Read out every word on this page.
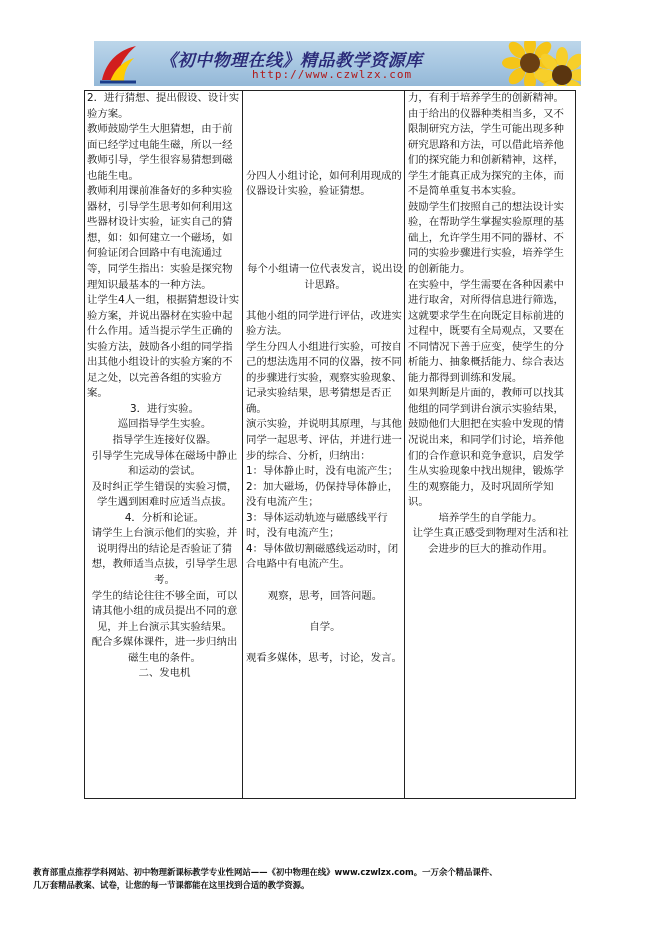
《初中物理在线》精品教学资源库
http://www.czwlzx.com

2．进行猜想、提出假设、设计实验方案。

教师鼓励学生大胆猜想，由于前面已经学过电能生磁，所以一经教师引导，学生很容易猜想到磁也能生电。

教师利用课前准备好的多种实验器材，引导学生思考如何利用这些器材设计实验，证实自己的猜想，如：如何建立一个磁场，如何验证闭合回路中有电流通过等，同学生指出：实验是探究物理知识最基本的一种方法。

让学生4人一组，根据猜想设计实验方案，并说出器材在实验中起什么作用。适当提示学生正确的实验方法，鼓励各小组的同学指出其他小组设计的实验方案的不足之处，以完善各组的实验方案。

3．进行实验。

巡回指导学生实验。

指导学生连接好仪器。

引导学生完成导体在磁场中静止和运动的尝试。

及时纠正学生错误的实验习惯，学生遇到困难时应适当点拔。

4．分析和论证。

请学生上台演示他们的实验，并说明得出的结论是否验证了猜想，教师适当点拔，引导学生思考。

学生的结论往往不够全面，可以请其他小组的成员提出不同的意见，并上台演示其实验结果。

配合多媒体课件，进一步归纳出磁生电的条件。

二、发电机

分四人小组讨论，如何利用现成的仪器设计实验，验证猜想。

每个小组请一位代表发言，说出设计思路。

其他小组的同学进行评估，改进实验方法。

学生分四人小组进行实验，可按自己的想法选用不同的仪器，按不同的步骤进行实验，观察实验现象、记录实验结果，思考猜想是否正确。

演示实验，并说明其原理，与其他同学一起思考、评估，并进行进一步的综合、分析，归纳出：

1：导体静止时，没有电流产生；

2：加大磁场，仍保持导体静止，没有电流产生；

3：导体运动轨迹与磁感线平行时，没有电流产生；

4：导体做切割磁感线运动时，闭合电路中有电流产生。

观察，思考，回答问题。

自学。

观看多媒体，思考，讨论，发言。

力，有利于培养学生的创新精神。

由于给出的仪器种类相当多，又不限制研究方法，学生可能出现多种研究思路和方法，可以借此培养他们的探究能力和创新精神，这样，学生才能真正成为探究的主体，而不是简单重复书本实验。

鼓励学生们按照自己的想法设计实验，在帮助学生掌握实验原理的基础上，允许学生用不同的器材、不同的实验步骤进行实验，培养学生的创新能力。

在实验中，学生需要在各种因素中进行取舍，对所得信息进行筛选，这就要求学生在向既定目标前进的过程中，既要有全局观点，又要在不同情况下善于应变，使学生的分析能力、抽象概括能力、综合表达能力都得到训练和发展。

如果判断是片面的，教师可以找其他组的同学到讲台演示实验结果，鼓励他们大胆把在实验中发现的情况说出来，和同学们讨论，培养他们的合作意识和竞争意识，启发学生从实验现象中找出规律，锻炼学生的观察能力，及时巩固所学知识。

培养学生的自学能力。

让学生真正感受到物理对生活和社会进步的巨大的推动作用。

教育部重点推荐学科网站、初中物理新课标教学专业性网站——《初中物理在线》www.czwlzx.com。一万余个精品课件、
几万套精品教案、试卷，让您的每一节课都能在这里找到合适的教学资源。
